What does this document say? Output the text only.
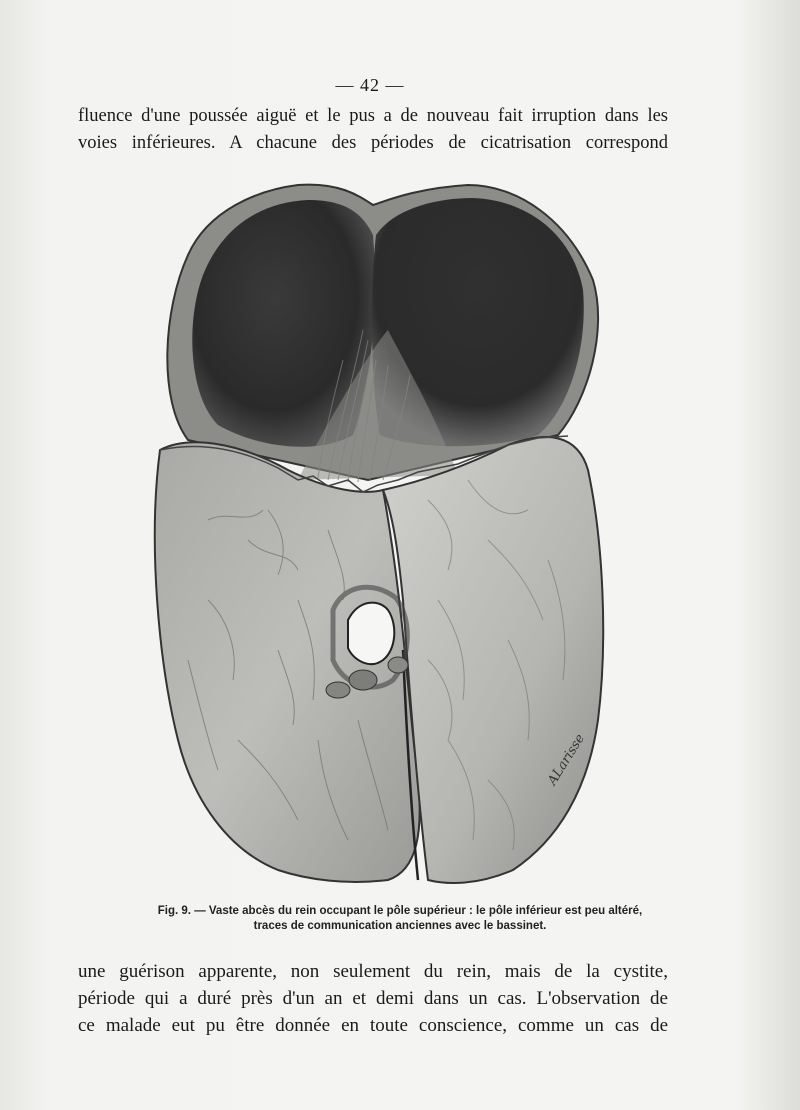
— 42 —
fluence d'une poussée aiguë et le pus a de nouveau fait irruption dans les
voies inférieures. A chacune des périodes de cicatrisation correspond
ALarisse
Fig. 9. — Vaste abcès du rein occupant le pôle supérieur : le pôle inférieur est peu altéré,
traces de communication anciennes avec le bassinet.
une guérison apparente, non seulement du rein, mais de la cystite,
période qui a duré près d'un an et demi dans un cas. L'observation de
ce malade eut pu être donnée en toute conscience, comme un cas de
